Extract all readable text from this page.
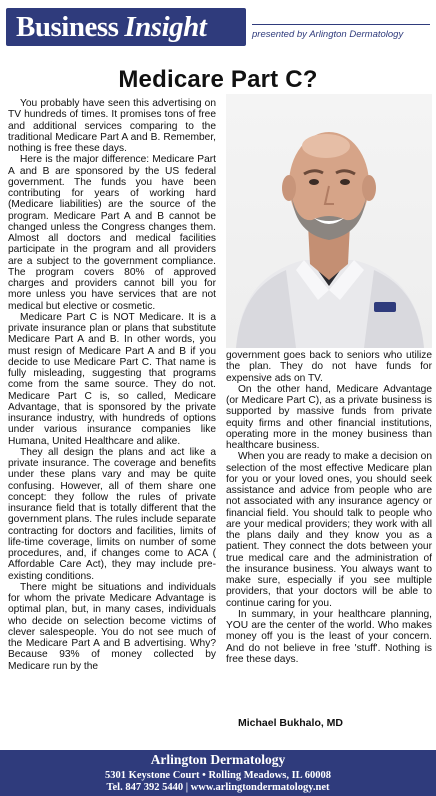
Business Insight	presented by Arlington Dermatology
Medicare Part C?

You probably have seen this advertising on TV hundreds of times. It promises tons of free and additional services comparing to the traditional Medicare Part A and B. Remember, nothing is free these days.

Here is the major difference: Medicare Part A and B are sponsored by the US federal government. The funds you have been contributing for years of working hard (Medicare liabilities) are the source of the program. Medicare Part A and B cannot be changed unless the Congress changes them. Almost all doctors and medical facilities participate in the program and all providers are a subject to the government compliance. The program covers 80% of approved charges and providers cannot bill you for more unless you have services that are not medical but elective or cosmetic.

Medicare Part C is NOT Medicare. It is a private insurance plan or plans that substitute Medicare Part A and B. In other words, you must resign of Medicare Part A and B if you decide to use Medicare Part C. That name is fully misleading, suggesting that programs come from the same source. They do not. Medicare Part C is, so called, Medicare Advantage, that is sponsored by the private insurance industry, with hundreds of options under various insurance companies like Humana, United Healthcare and alike.

They all design the plans and act like a private insurance. The coverage and benefits under these plans vary and may be quite confusing. However, all of them share one concept: they follow the rules of private insurance field that is totally different that the government plans. The rules include separate contracting for doctors and facilities, limits of life-time coverage, limits on number of some procedures, and, if changes come to ACA ( Affordable Care Act), they may include pre-existing conditions.

There might be situations and individuals for whom the private Medicare Advantage is optimal plan, but, in many cases, individuals who decide on selection become victims of clever salespeople. You do not see much of the Medicare Part A and B advertising. Why? Because 93% of money collected by Medicare run by the

government goes back to seniors who utilize the plan. They do not have funds for expensive ads on TV.

On the other hand, Medicare Advantage (or Medicare Part C), as a private business is supported by massive funds from private equity firms and other financial institutions, operating more in the money business than healthcare business.

When you are ready to make a decision on selection of the most effective Medicare plan for you or your loved ones, you should seek assistance and advice from people who are not associated with any insurance agency or financial field. You should talk to people who are your medical providers; they work with all the plans daily and they know you as a patient. They connect the dots between your true medical care and the administration of the insurance business. You always want to make sure, especially if you see multiple providers, that your doctors will be able to continue caring for you.

In summary, in your healthcare planning, YOU are the center of the world. Who makes money off you is the least of your concern. And do not believe in free 'stuff'. Nothing is free these days.

Michael Bukhalo, MD
Arlington Dermatology
5301 Keystone Court • Rolling Meadows, IL 60008
Tel. 847 392 5440 | www.arlingtondermatology.net
